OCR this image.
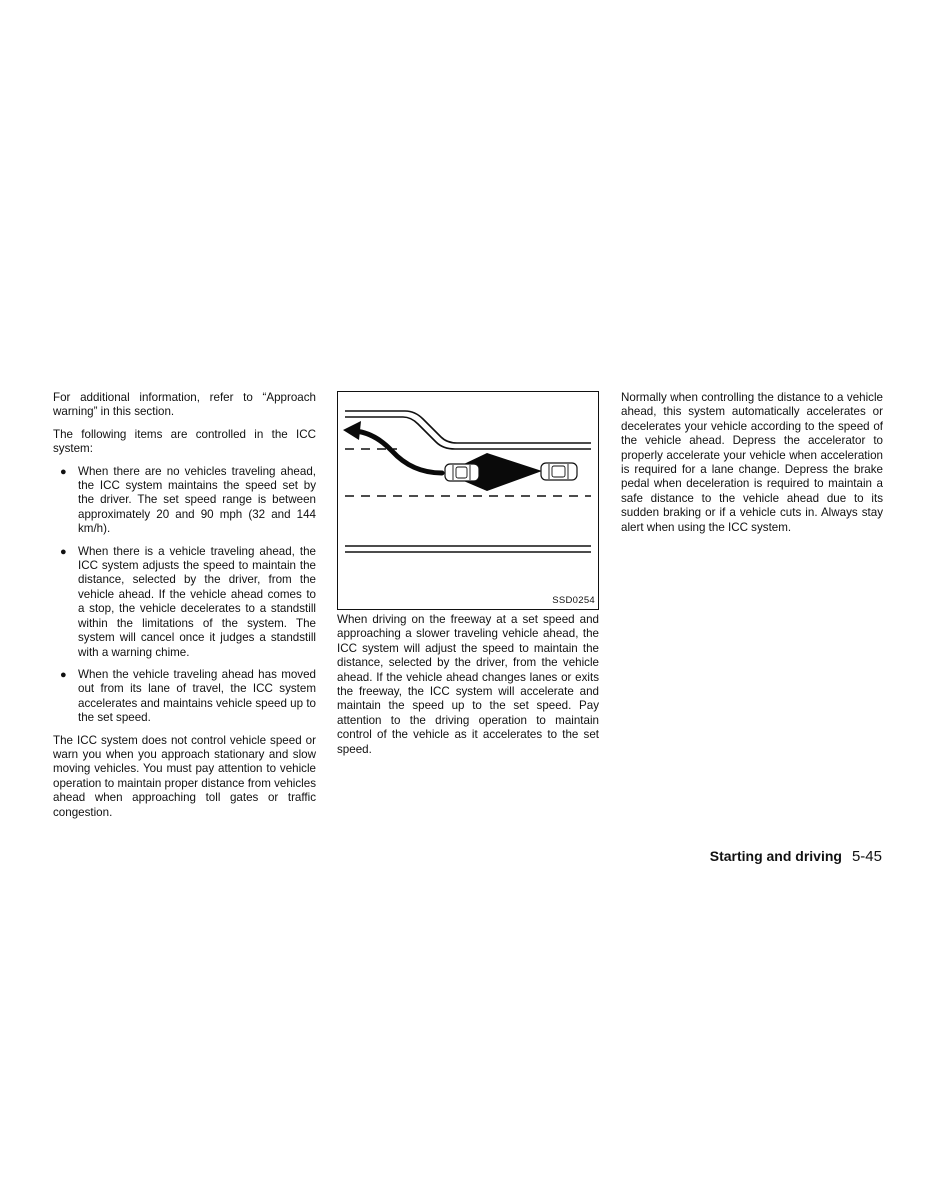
For additional information, refer to “Approach warning” in this section.

The following items are controlled in the ICC system:

● When there are no vehicles traveling ahead, the ICC system maintains the speed set by the driver. The set speed range is between approximately 20 and 90 mph (32 and 144 km/h).
● When there is a vehicle traveling ahead, the ICC system adjusts the speed to maintain the distance, selected by the driver, from the vehicle ahead. If the vehicle ahead comes to a stop, the vehicle decelerates to a standstill within the limitations of the system. The system will cancel once it judges a standstill with a warning chime.
● When the vehicle traveling ahead has moved out from its lane of travel, the ICC system accelerates and maintains vehicle speed up to the set speed.

The ICC system does not control vehicle speed or warn you when you approach stationary and slow moving vehicles. You must pay attention to vehicle operation to maintain proper distance from vehicles ahead when approaching toll gates or traffic congestion.

SSD0254

When driving on the freeway at a set speed and approaching a slower traveling vehicle ahead, the ICC system will adjust the speed to maintain the distance, selected by the driver, from the vehicle ahead. If the vehicle ahead changes lanes or exits the freeway, the ICC system will accelerate and maintain the speed up to the set speed. Pay attention to the driving operation to maintain control of the vehicle as it accelerates to the set speed.

Normally when controlling the distance to a vehicle ahead, this system automatically accelerates or decelerates your vehicle according to the speed of the vehicle ahead. Depress the accelerator to properly accelerate your vehicle when acceleration is required for a lane change. Depress the brake pedal when deceleration is required to maintain a safe distance to the vehicle ahead due to its sudden braking or if a vehicle cuts in. Always stay alert when using the ICC system.

Starting and driving 5-45
